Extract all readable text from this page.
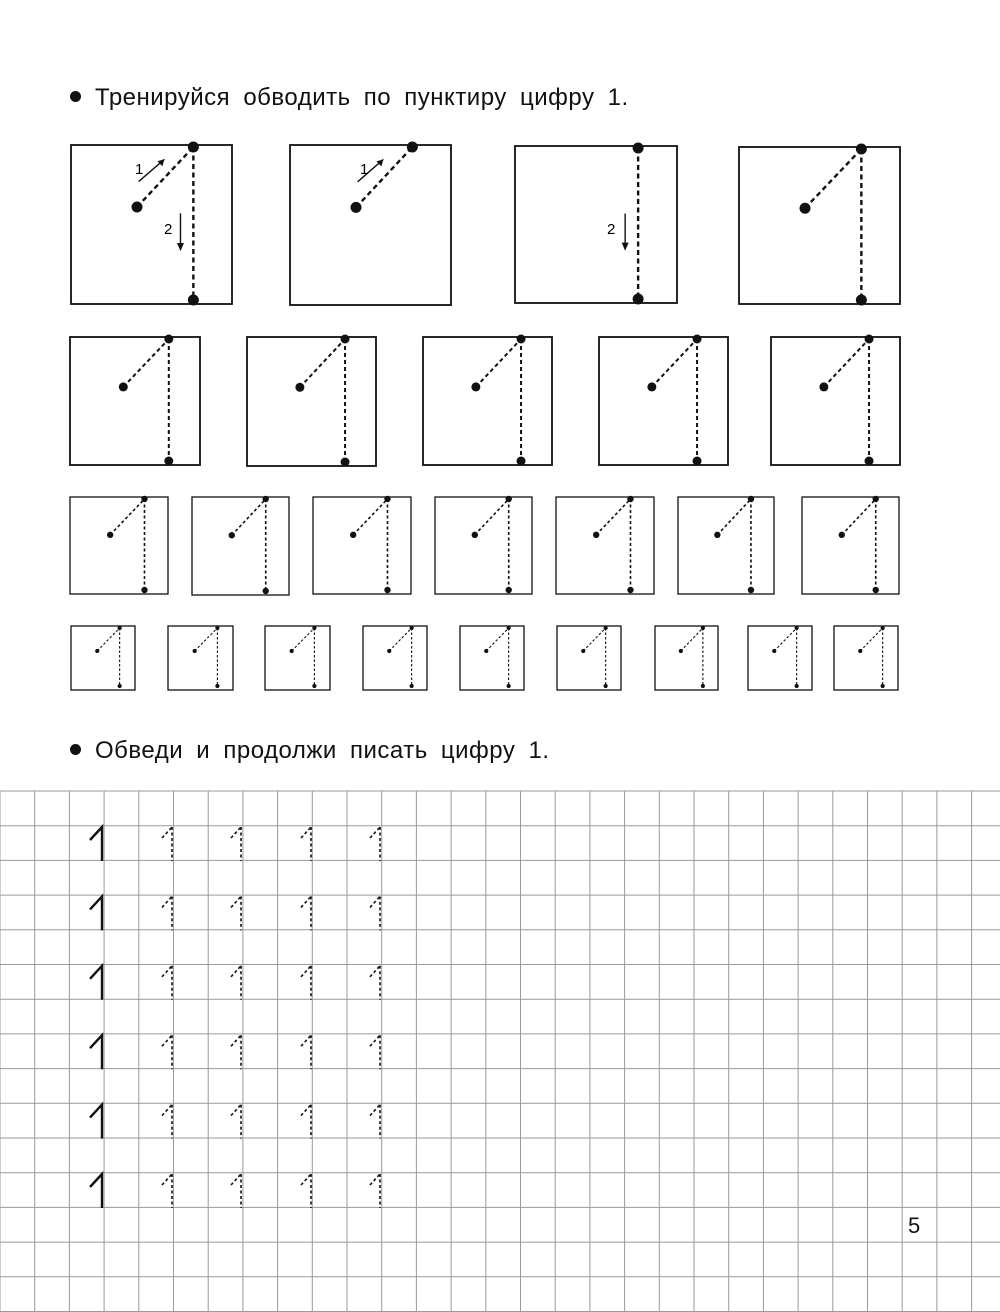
Тренируйся обводить по пунктиру цифру 1.
Обведи и продолжи писать цифру 1.
1
2
1
2
5
